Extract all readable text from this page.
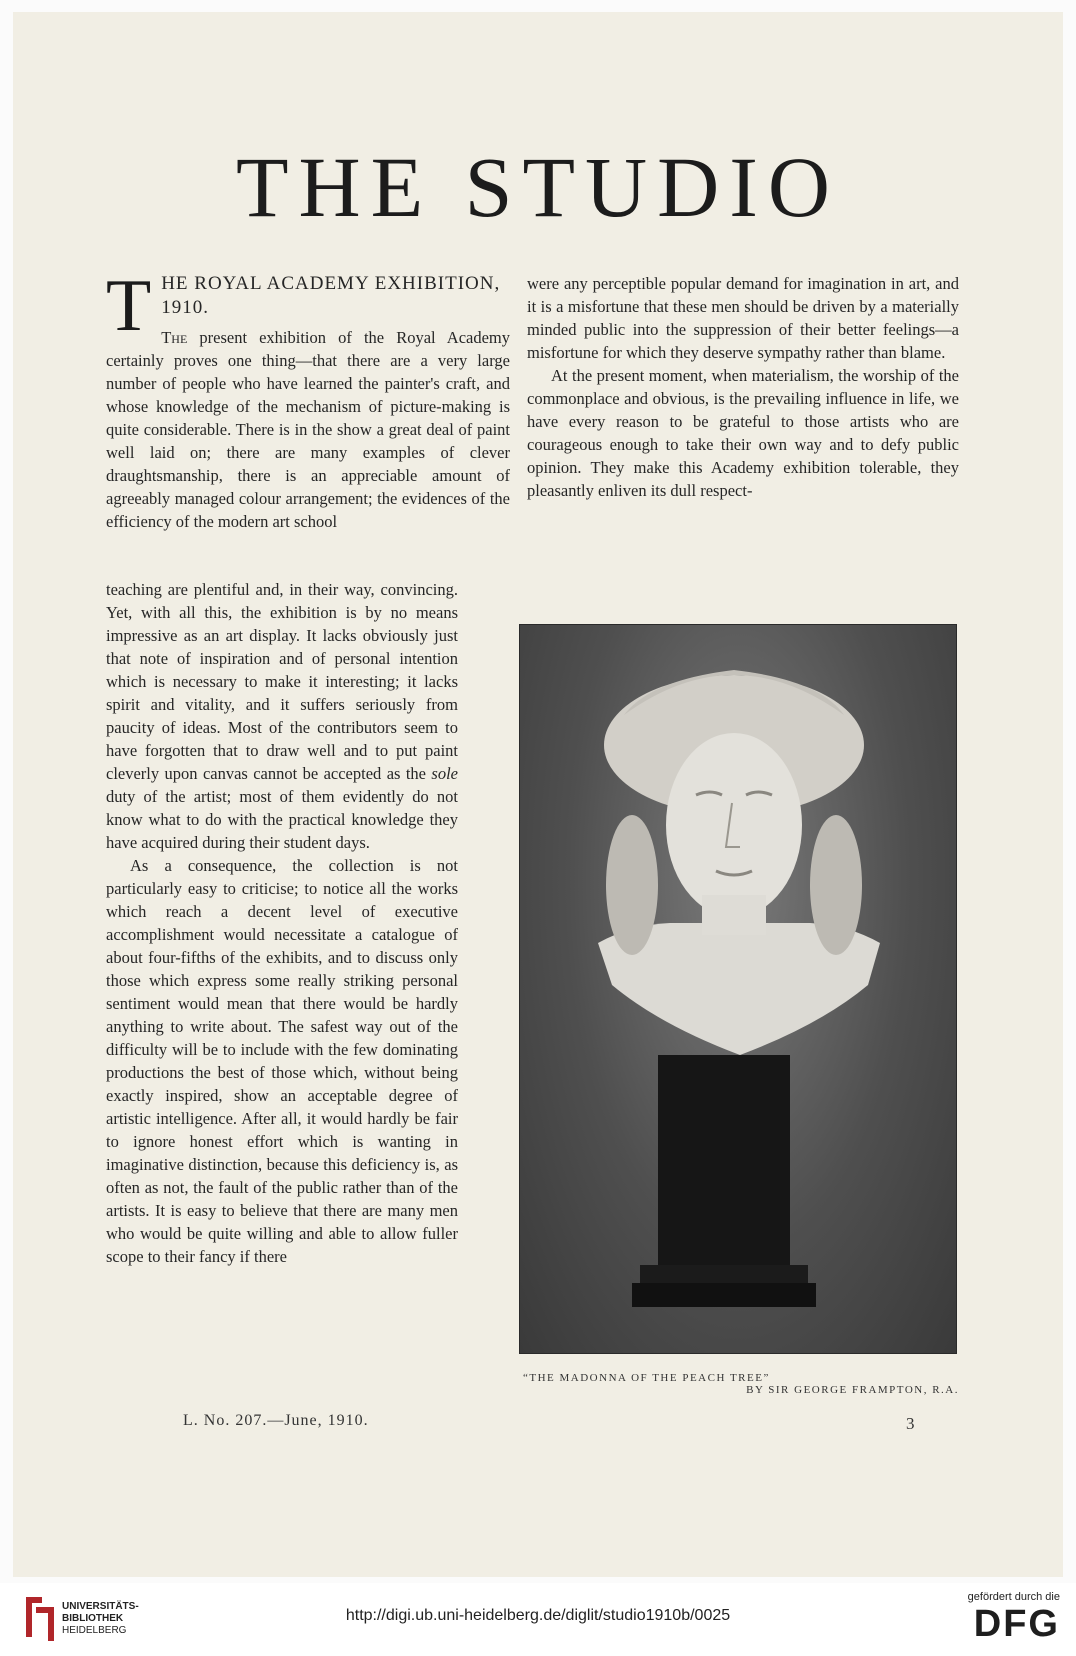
THE STUDIO
T HE ROYAL ACADEMY EXHIBITION, 1910.

The present exhibition of the Royal Academy certainly proves one thing—that there are a very large number of people who have learned the painter's craft, and whose knowledge of the mechanism of picture-making is quite considerable. There is in the show a great deal of paint well laid on; there are many examples of clever draughtsmanship, there is an appreciable amount of agreeably managed colour arrangement; the evidences of the efficiency of the modern art school

teaching are plentiful and, in their way, convincing. Yet, with all this, the exhibition is by no means impressive as an art display. It lacks obviously just that note of inspiration and of personal intention which is necessary to make it interesting; it lacks spirit and vitality, and it suffers seriously from paucity of ideas. Most of the contributors seem to have forgotten that to draw well and to put paint cleverly upon canvas cannot be accepted as the sole duty of the artist; most of them evidently do not know what to do with the practical knowledge they have acquired during their student days.

As a consequence, the collection is not particularly easy to criticise; to notice all the works which reach a decent level of executive accomplishment would necessitate a catalogue of about four-fifths of the exhibits, and to discuss only those which express some really striking personal sentiment would mean that there would be hardly anything to write about. The safest way out of the difficulty will be to include with the few dominating productions the best of those which, without being exactly inspired, show an acceptable degree of artistic intelligence. After all, it would hardly be fair to ignore honest effort which is wanting in imaginative distinction, because this deficiency is, as often as not, the fault of the public rather than of the artists. It is easy to believe that there are many men who would be quite willing and able to allow fuller scope to their fancy if there

were any perceptible popular demand for imagination in art, and it is a misfortune that these men should be driven by a materially minded public into the suppression of their better feelings—a misfortune for which they deserve sympathy rather than blame.

At the present moment, when materialism, the worship of the commonplace and obvious, is the prevailing influence in life, we have every reason to be grateful to those artists who are courageous enough to take their own way and to defy public opinion. They make this Academy exhibition tolerable, they pleasantly enliven its dull respect-

“THE MADONNA OF THE PEACH TREE”
BY SIR GEORGE FRAMPTON, R.A.
L. No. 207.—June, 1910.	3
UNIVERSITÄTS-
BIBLIOTHEK
HEIDELBERG
http://digi.ub.uni-heidelberg.de/diglit/studio1910b/0025
gefördert durch die
DFG
